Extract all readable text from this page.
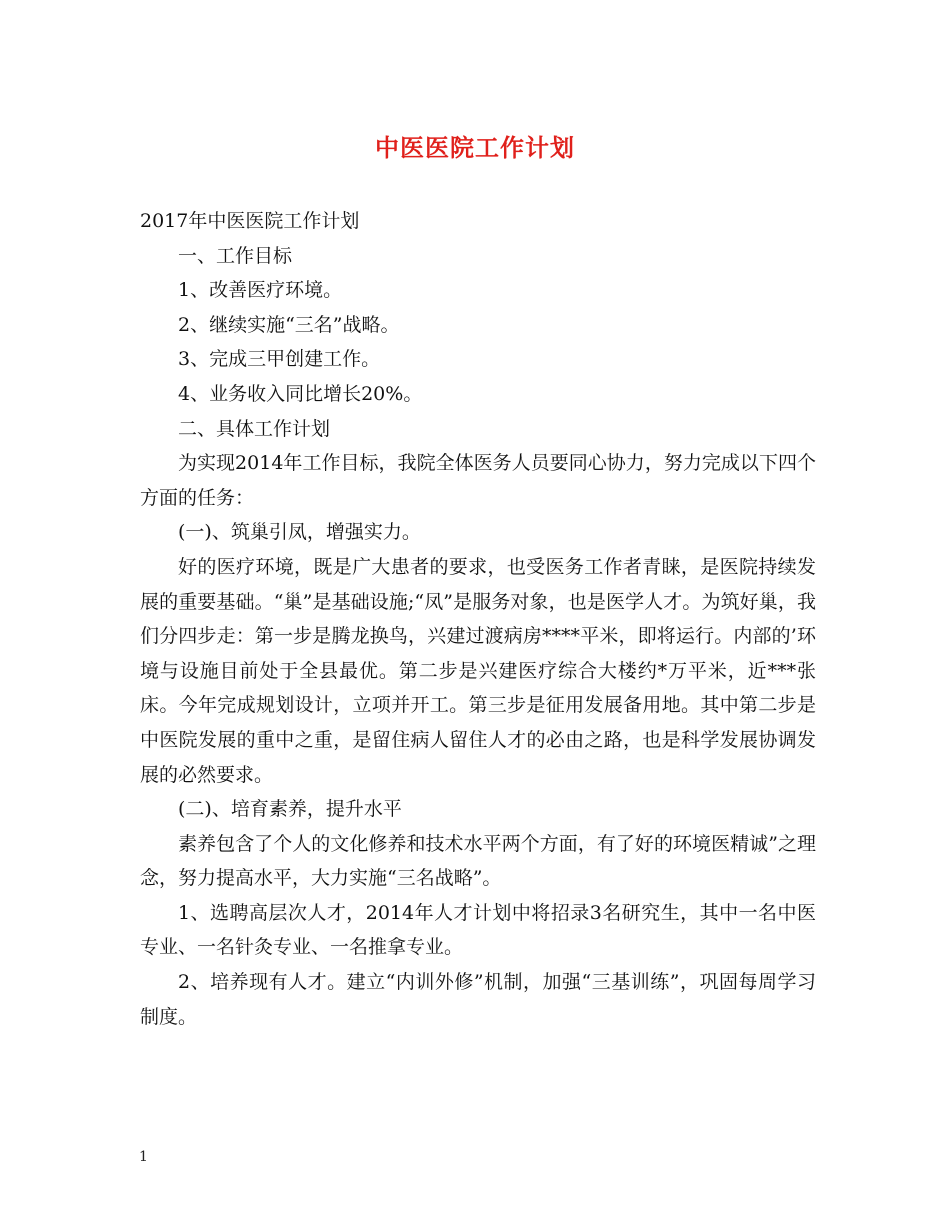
中医医院工作计划

2017年中医医院工作计划

一、工作目标

1、改善医疗环境。

2、继续实施“三名”战略。

3、完成三甲创建工作。

4、业务收入同比增长20%。

二、具体工作计划

为实现2014年工作目标，我院全体医务人员要同心协力，努力完成以下四个方面的任务：

(一)、筑巢引凤，增强实力。

好的医疗环境，既是广大患者的要求，也受医务工作者青睐，是医院持续发展的重要基础。“巢”是基础设施;“凤”是服务对象，也是医学人才。为筑好巢，我们分四步走：第一步是腾龙换鸟，兴建过渡病房****平米，即将运行。内部的’环境与设施目前处于全县最优。第二步是兴建医疗综合大楼约*万平米，近***张床。今年完成规划设计，立项并开工。第三步是征用发展备用地。其中第二步是中医院发展的重中之重，是留住病人留住人才的必由之路，也是科学发展协调发展的必然要求。

(二)、培育素养，提升水平

素养包含了个人的文化修养和技术水平两个方面，有了好的环境医精诚”之理念，努力提高水平，大力实施“三名战略”。

1、选聘高层次人才，2014年人才计划中将招录3名研究生，其中一名中医专业、一名针灸专业、一名推拿专业。

2、培养现有人才。建立“内训外修”机制，加强“三基训练”，巩固每周学习制度。

1
